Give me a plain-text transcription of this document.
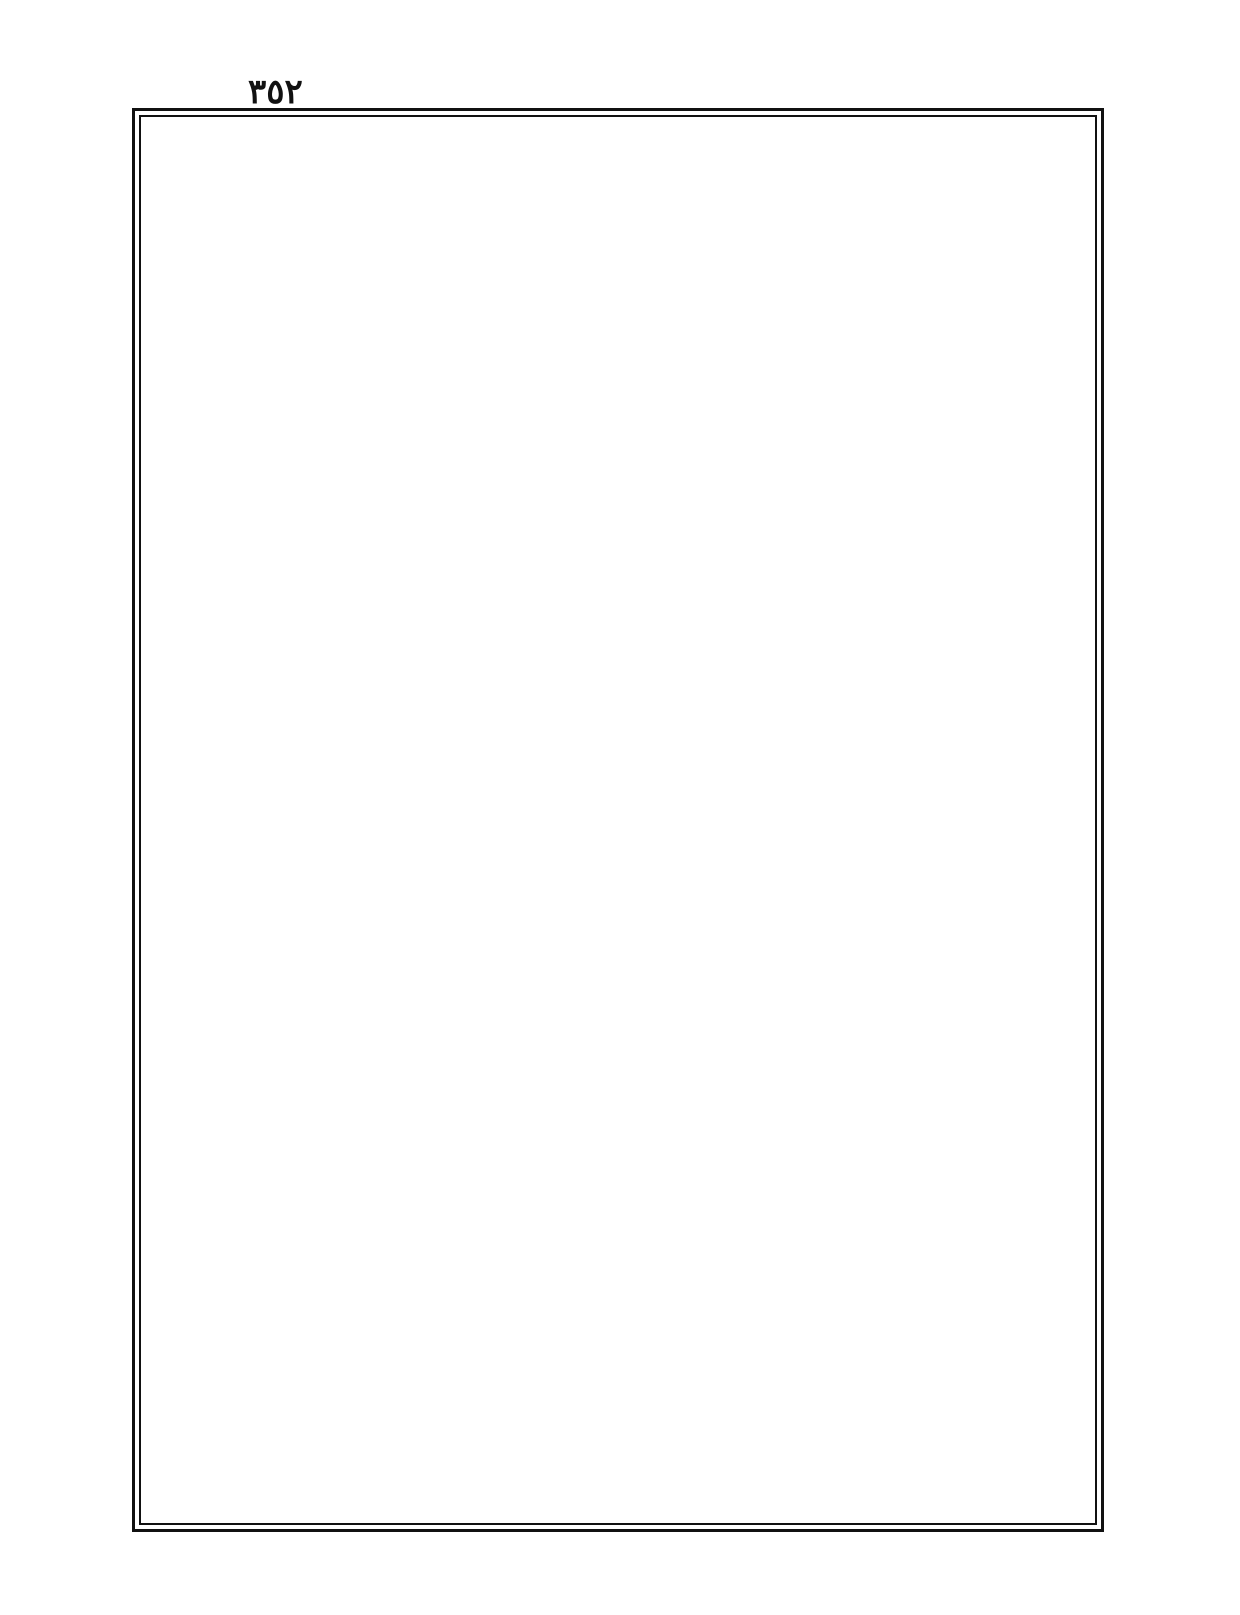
٣٥٢
